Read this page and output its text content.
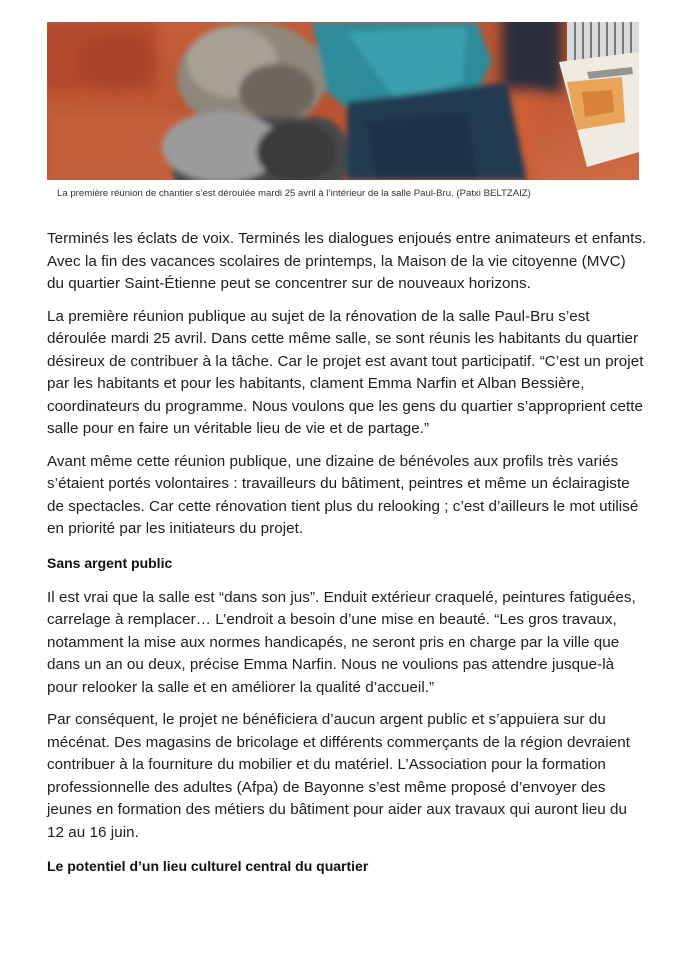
La première réunion de chantier s’est déroulée mardi 25 avril à l’intérieur de la salle Paul-Bru. (Patxi BELTZAIZ)

Terminés les éclats de voix. Terminés les dialogues enjoués entre animateurs et enfants. Avec la fin des vacances scolaires de printemps, la Maison de la vie citoyenne (MVC) du quartier Saint-Étienne peut se concentrer sur de nouveaux horizons.

La première réunion publique au sujet de la rénovation de la salle Paul-Bru s’est déroulée mardi 25 avril. Dans cette même salle, se sont réunis les habitants du quartier désireux de contribuer à la tâche. Car le projet est avant tout participatif. “C’est un projet par les habitants et pour les habitants, clament Emma Narfin et Alban Bessière, coordinateurs du programme. Nous voulons que les gens du quartier s’approprient cette salle pour en faire un véritable lieu de vie et de partage.”

Avant même cette réunion publique, une dizaine de bénévoles aux profils très variés s’étaient portés volontaires : travailleurs du bâtiment, peintres et même un éclairagiste de spectacles. Car cette rénovation tient plus du relooking ; c’est d’ailleurs le mot utilisé en priorité par les initiateurs du projet.

Sans argent public

Il est vrai que la salle est “dans son jus”. Enduit extérieur craquelé, peintures fatiguées, carrelage à remplacer… L’endroit a besoin d’une mise en beauté. “Les gros travaux, notamment la mise aux normes handicapés, ne seront pris en charge par la ville que dans un an ou deux, précise Emma Narfin. Nous ne voulions pas attendre jusque-là pour relooker la salle et en améliorer la qualité d’accueil.”

Par conséquent, le projet ne bénéficiera d’aucun argent public et s’appuiera sur du mécénat. Des magasins de bricolage et différents commerçants de la région devraient contribuer à la fourniture du mobilier et du matériel. L’Association pour la formation professionnelle des adultes (Afpa) de Bayonne s’est même proposé d’envoyer des jeunes en formation des métiers du bâtiment pour aider aux travaux qui auront lieu du 12 au 16 juin.

Le potentiel d’un lieu culturel central du quartier
